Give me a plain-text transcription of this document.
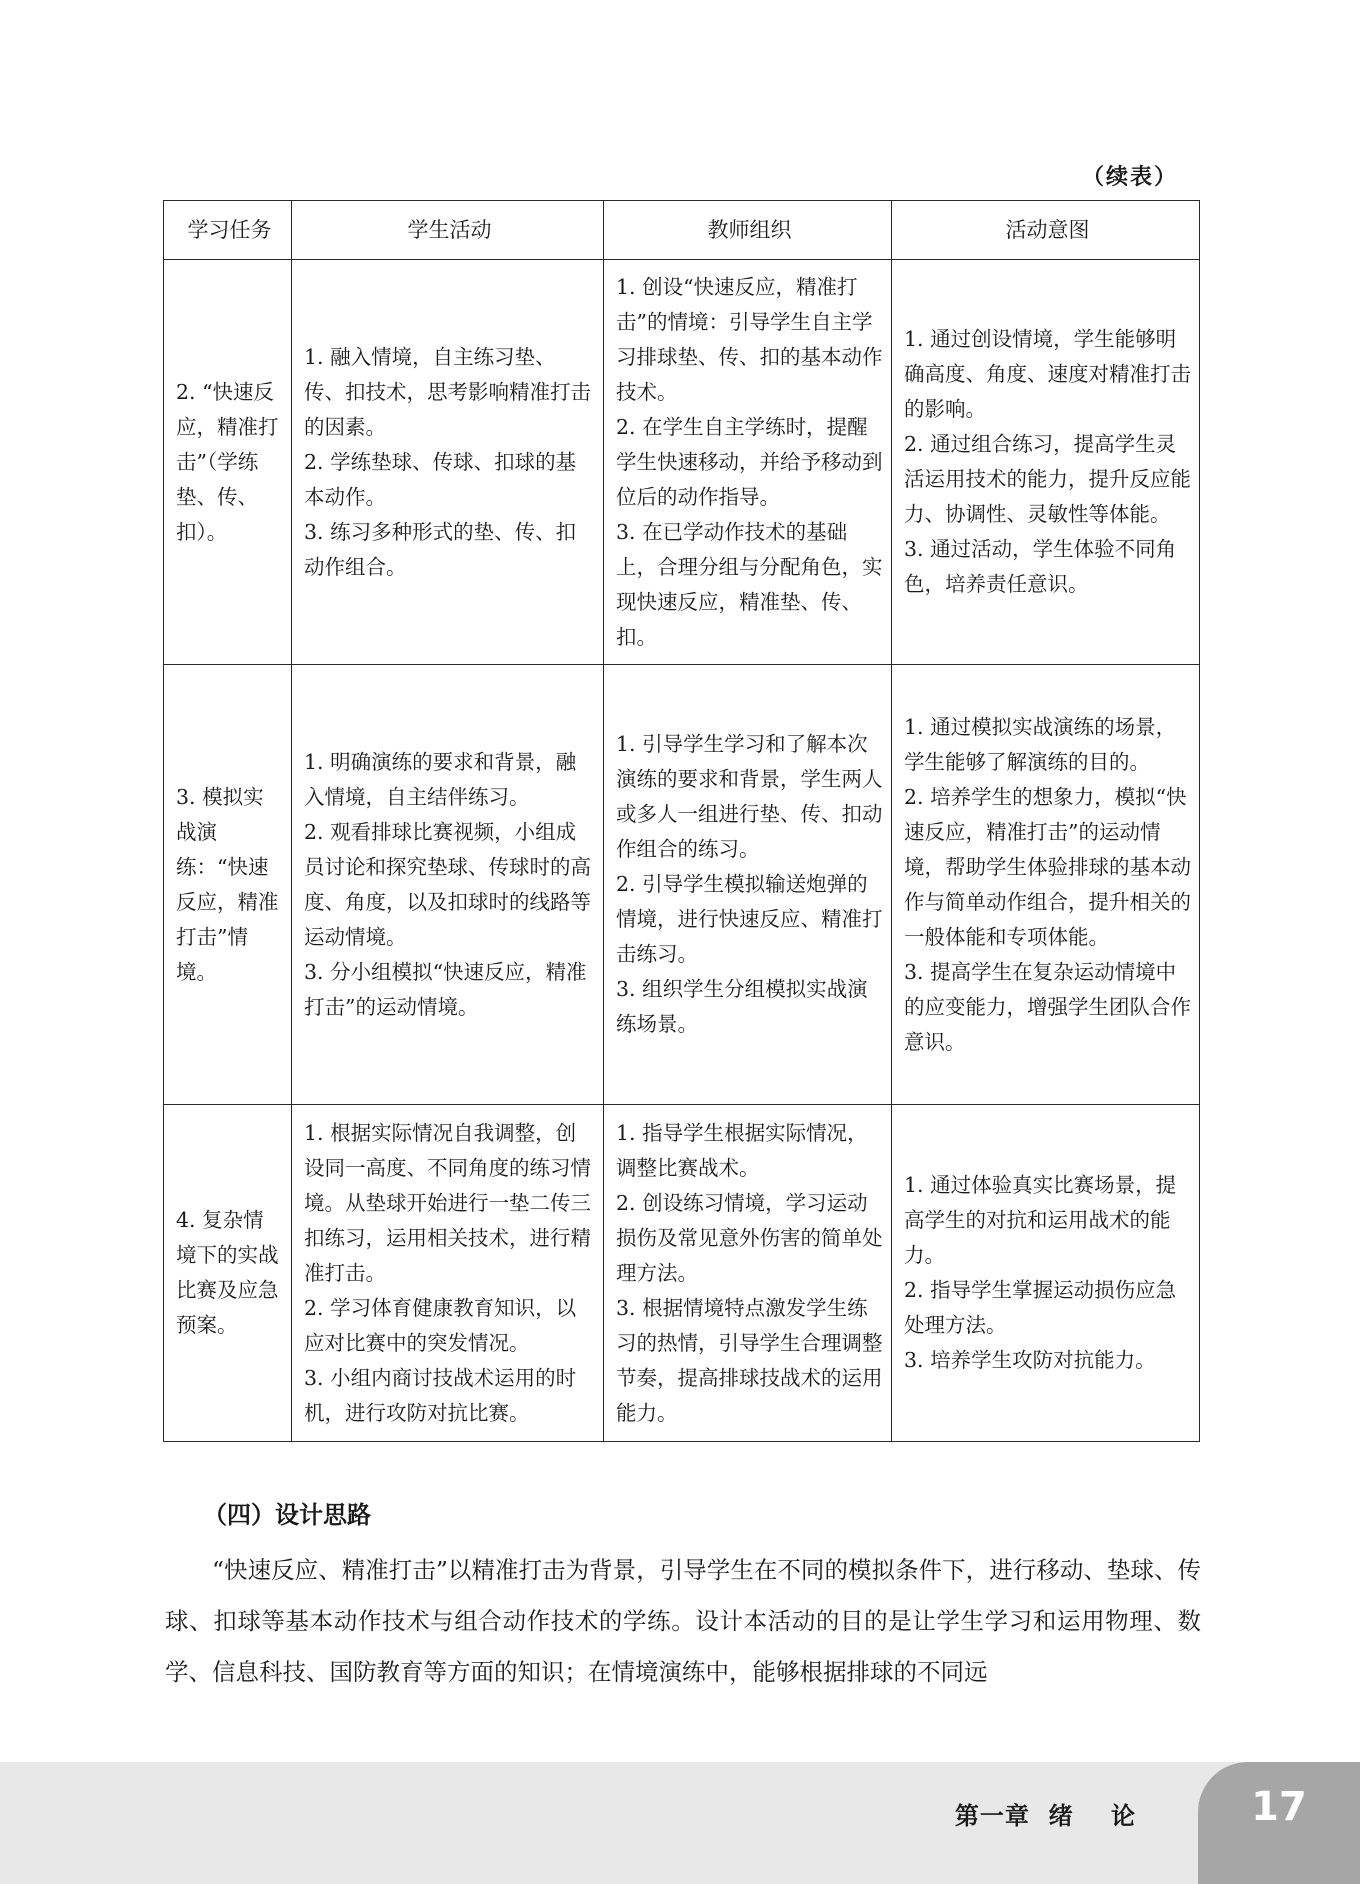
（续表）
学习任务	学生活动	教师组织	活动意图
2. “快速反应，精准打击”（学练垫、传、扣）。	1. 融入情境，自主练习垫、传、扣技术，思考影响精准打击的因素。
2. 学练垫球、传球、扣球的基本动作。
3. 练习多种形式的垫、传、扣动作组合。	1. 创设“快速反应，精准打击”的情境：引导学生自主学习排球垫、传、扣的基本动作技术。
2. 在学生自主学练时，提醒学生快速移动，并给予移动到位后的动作指导。
3. 在已学动作技术的基础上，合理分组与分配角色，实现快速反应，精准垫、传、扣。	1. 通过创设情境，学生能够明确高度、角度、速度对精准打击的影响。
2. 通过组合练习，提高学生灵活运用技术的能力，提升反应能力、协调性、灵敏性等体能。
3. 通过活动，学生体验不同角色，培养责任意识。

3. 模拟实战演练：“快速反应，精准打击”情境。	1. 明确演练的要求和背景，融入情境，自主结伴练习。
2. 观看排球比赛视频，小组成员讨论和探究垫球、传球时的高度、角度，以及扣球时的线路等运动情境。
3. 分小组模拟“快速反应，精准打击”的运动情境。	1. 引导学生学习和了解本次演练的要求和背景，学生两人或多人一组进行垫、传、扣动作组合的练习。
2. 引导学生模拟输送炮弹的情境，进行快速反应、精准打击练习。
3. 组织学生分组模拟实战演练场景。	1. 通过模拟实战演练的场景，学生能够了解演练的目的。
2. 培养学生的想象力，模拟“快速反应，精准打击”的运动情境，帮助学生体验排球的基本动作与简单动作组合，提升相关的一般体能和专项体能。
3. 提高学生在复杂运动情境中的应变能力，增强学生团队合作意识。

4. 复杂情境下的实战比赛及应急预案。	1. 根据实际情况自我调整，创设同一高度、不同角度的练习情境。从垫球开始进行一垫二传三扣练习，运用相关技术，进行精准打击。
2. 学习体育健康教育知识，以应对比赛中的突发情况。
3. 小组内商讨技战术运用的时机，进行攻防对抗比赛。	1. 指导学生根据实际情况，调整比赛战术。
2. 创设练习情境，学习运动损伤及常见意外伤害的简单处理方法。
3. 根据情境特点激发学生练习的热情，引导学生合理调整节奏，提高排球技战术的运用能力。	1. 通过体验真实比赛场景，提高学生的对抗和运用战术的能力。
2. 指导学生掌握运动损伤应急处理方法。
3. 培养学生攻防对抗能力。
（四）设计思路
“快速反应、精准打击”以精准打击为背景，引导学生在不同的模拟条件下，进行移动、垫球、传球、扣球等基本动作技术与组合动作技术的学练。设计本活动的目的是让学生学习和运用物理、数学、信息科技、国防教育等方面的知识；在情境演练中，能够根据排球的不同远
第一章  绪    论	17
